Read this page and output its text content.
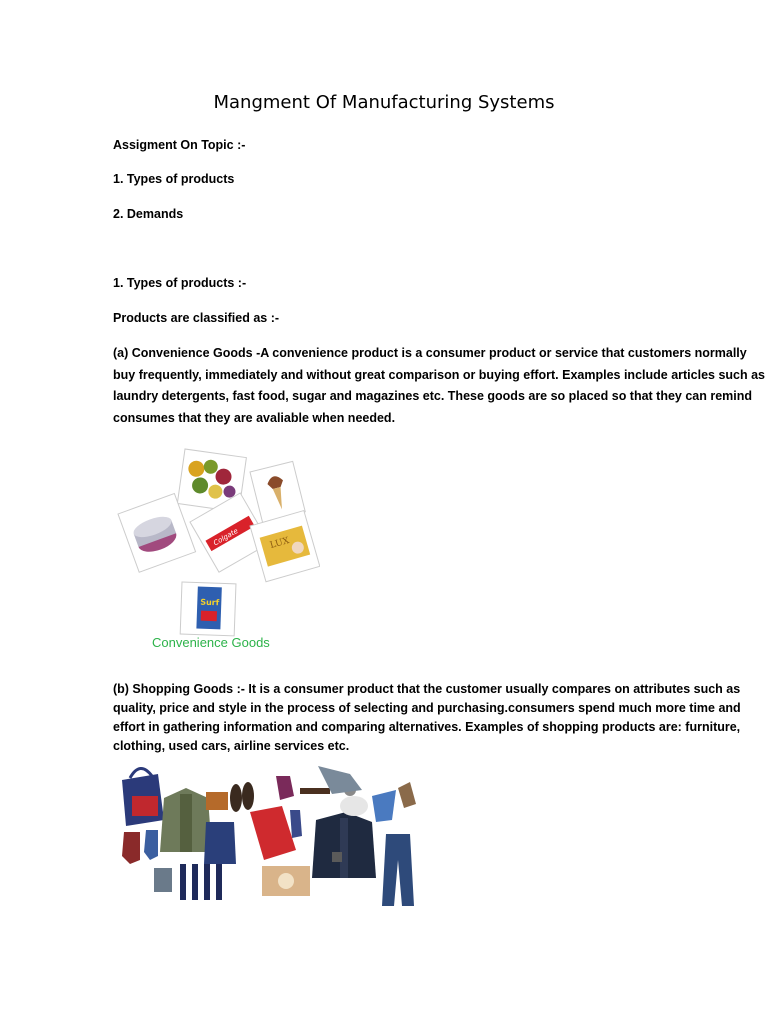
Mangment Of Manufacturing Systems
Assigment On Topic :-
1. Types of products
2. Demands
1. Types of products :-
Products are classified as :-
(a) Convenience Goods -A convenience product is a consumer product or service that customers normally buy frequently, immediately and without great comparison or buying effort. Examples include articles such as laundry detergents, fast food, sugar and magazines etc. These goods are so placed so that they can remind consumes that they are avaliable when needed.
Colgate	LUX
Surf
Convenience Goods
(b) Shopping Goods :- It is a consumer product that the customer usually compares on attributes such as quality, price and style in the process of selecting and purchasing.consumers spend much more time and effort in gathering information and comparing alternatives. Examples of shopping products are: furniture, clothing, used cars, airline services etc.
